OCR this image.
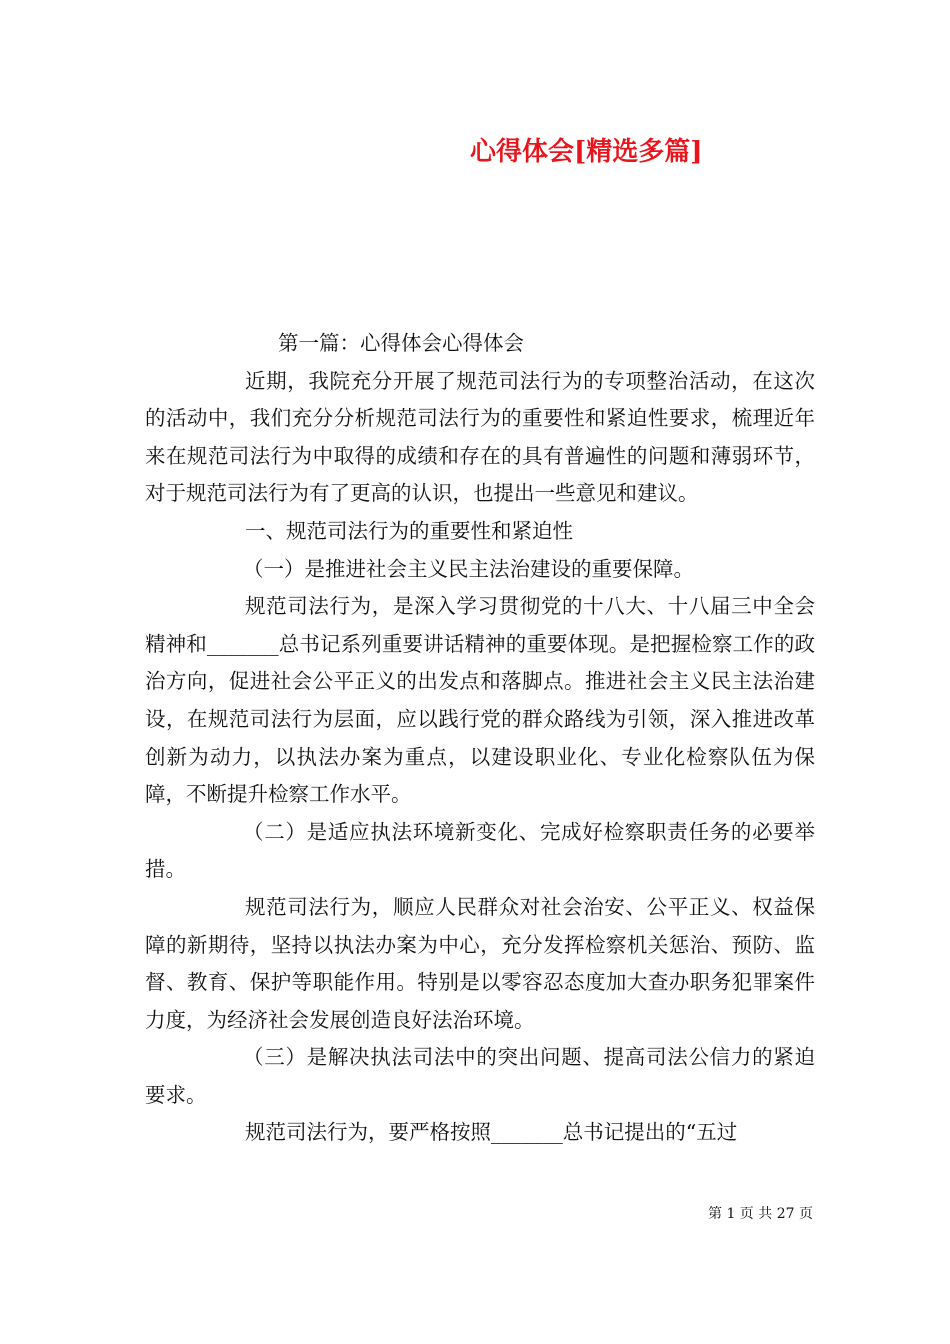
心得体会[精选多篇]

第一篇：心得体会心得体会

近期，我院充分开展了规范司法行为的专项整治活动，在这次的活动中，我们充分分析规范司法行为的重要性和紧迫性要求，梳理近年来在规范司法行为中取得的成绩和存在的具有普遍性的问题和薄弱环节，对于规范司法行为有了更高的认识，也提出一些意见和建议。

一、规范司法行为的重要性和紧迫性

（一）是推进社会主义民主法治建设的重要保障。

规范司法行为，是深入学习贯彻党的十八大、十八届三中全会精神和_______总书记系列重要讲话精神的重要体现。是把握检察工作的政治方向，促进社会公平正义的出发点和落脚点。推进社会主义民主法治建设，在规范司法行为层面，应以践行党的群众路线为引领，深入推进改革创新为动力，以执法办案为重点，以建设职业化、专业化检察队伍为保障，不断提升检察工作水平。

（二）是适应执法环境新变化、完成好检察职责任务的必要举措。

规范司法行为，顺应人民群众对社会治安、公平正义、权益保障的新期待，坚持以执法办案为中心，充分发挥检察机关惩治、预防、监督、教育、保护等职能作用。特别是以零容忍态度加大查办职务犯罪案件力度，为经济社会发展创造良好法治环境。

（三）是解决执法司法中的突出问题、提高司法公信力的紧迫要求。

规范司法行为，要严格按照_______总书记提出的“五过

第 1 页 共 27 页
